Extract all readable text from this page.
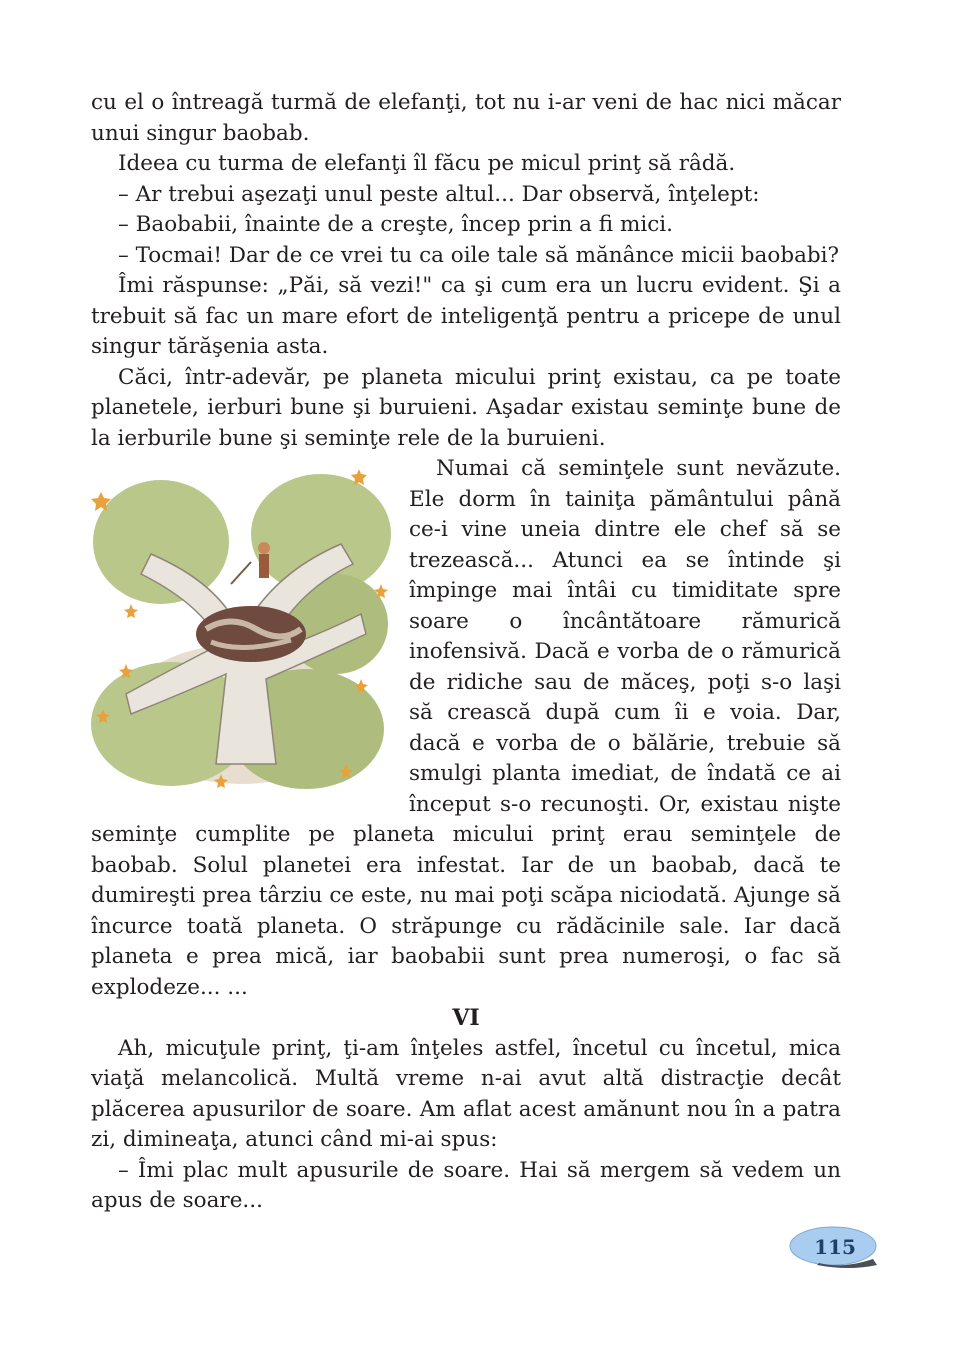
cu el o întreagă turmă de elefanţi, tot nu i-ar veni de hac nici măcar unui singur baobab.

Ideea cu turma de elefanţi îl făcu pe micul prinţ să râdă.

– Ar trebui aşezaţi unul peste altul... Dar observă, înţelept:

– Baobabii, înainte de a creşte, încep prin a fi mici.

– Tocmai! Dar de ce vrei tu ca oile tale să mănânce micii baobabi?

Îmi răspunse: „Păi, să vezi!" ca şi cum era un lucru evident. Şi a trebuit să fac un mare efort de inteligenţă pentru a pricepe de unul singur tărăşenia asta.

Căci, într-adevăr, pe planeta micului prinţ existau, ca pe toate planetele, ierburi bune şi buruieni. Aşadar existau seminţe bune de la ierburile bune şi seminţe rele de la buruieni.

Numai că seminţele sunt nevăzute. Ele dorm în tainiţa pământului până ce-i vine uneia dintre ele chef să se trezească... Atunci ea se întinde şi împinge mai întâi cu timiditate spre soare o încântătoare rămurică inofensivă. Dacă e vorba de o rămurică de ridiche sau de măceş, poţi s-o laşi să crească după cum îi e voia. Dar, dacă e vorba de o bălărie, trebuie să smulgi planta imediat, de îndată ce ai început s-o recunoşti. Or, existau nişte seminţe cumplite pe planeta micului prinţ erau seminţele de baobab. Solul planetei era infestat. Iar de un baobab, dacă te dumireşti prea târziu ce este, nu mai poţi scăpa niciodată. Ajunge să încurce toată planeta. O străpunge cu rădăcinile sale. Iar dacă planeta e prea mică, iar baobabii sunt prea numeroşi, o fac să explodeze... ...

VI

Ah, micuţule prinţ, ţi-am înţeles astfel, încetul cu încetul, mica viaţă melancolică. Multă vreme n-ai avut altă distracţie decât plăcerea apusurilor de soare. Am aflat acest amănunt nou în a patra zi, dimineaţa, atunci când mi-ai spus:

– Îmi plac mult apusurile de soare. Hai să mergem să vedem un apus de soare...

115
